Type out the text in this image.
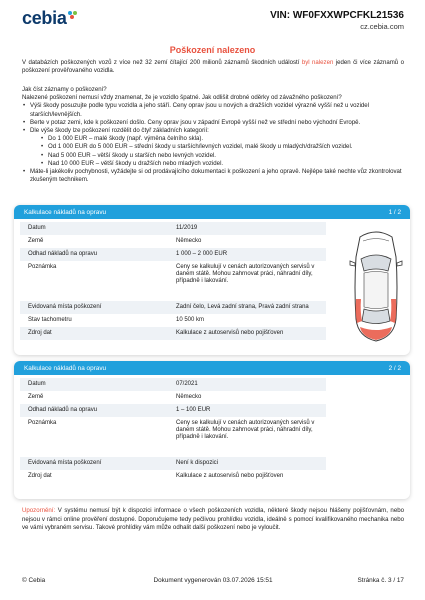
cebia	VIN: WF0FXXWPCFKL21536
cz.cebia.com
Poškození nalezeno
V databázích poškozených vozů z více než 32 zemí čítající 200 milionů záznamů škodních událostí byl nalezen jeden či více záznamů o poškození prověřovaného vozidla.

Jak číst záznamy o poškození?

Nalezené poškození nemusí vždy znamenat, že je vozidlo špatné. Jak odlišit drobné oděrky od závažného poškození?

• Výši škody posuzujte podle typu vozidla a jeho stáří. Ceny oprav jsou u nových a dražších vozidel výrazně vyšší než u vozidel starších/levnějších.
• Berte v potaz zemi, kde k poškození došlo. Ceny oprav jsou v západní Evropě vyšší než ve střední nebo východní Evropě.
• Dle výše škody lze poškození rozdělit do čtyř základních kategorií:
• Do 1 000 EUR – malé škody (např. výměna čelního skla).
• Od 1 000 EUR do 5 000 EUR – střední škody u starších/levných vozidel, malé škody u mladých/dražších vozidel.
• Nad 5 000 EUR – větší škody u starších nebo levných vozidel.
• Nad 10 000 EUR – větší škody u dražších nebo mladých vozidel.
• Máte-li jakékoliv pochybnosti, vyžádejte si od prodávajícího dokumentaci k poškození a jeho opravě. Nejlépe také nechte vůz zkontrolovat zkušeným technikem.
Kalkulace nákladů na opravu	1 / 2
Datum	11/2019
Země	Německo
Odhad nákladů na opravu	1 000 – 2 000 EUR
Poznámka	Ceny se kalkulují v cenách autorizovaných servisů v daném státě. Mohou zahrnovat práci, náhradní díly, případně i lakování.
Evidovaná místa poškození	Zadní čelo, Levá zadní strana, Pravá zadní strana
Stav tachometru	10 500 km
Zdroj dat	Kalkulace z autoservisů nebo pojišťoven
Kalkulace nákladů na opravu	2 / 2
Datum	07/2021
Země	Německo
Odhad nákladů na opravu	1 – 100 EUR
Poznámka	Ceny se kalkulují v cenách autorizovaných servisů v daném státě. Mohou zahrnovat práci, náhradní díly, případně i lakování.
Evidovaná místa poškození	Není k dispozici
Zdroj dat	Kalkulace z autoservisů nebo pojišťoven
Upozornění: V systému nemusí být k dispozici informace o všech poškozeních vozidla, některé škody nejsou hlášeny pojišťovnám, nebo nejsou v rámci online prověření dostupné. Doporučujeme tedy pečlivou prohlídku vozidla, ideálně s pomocí kvalifikovaného mechanika nebo ve vámi vybraném servisu. Takové prohlídky vám může odhalit další poškození nebo je vyloučit.
© Cebia	Dokument vygenerován 03.07.2026 15:51	Stránka č. 3 / 17
